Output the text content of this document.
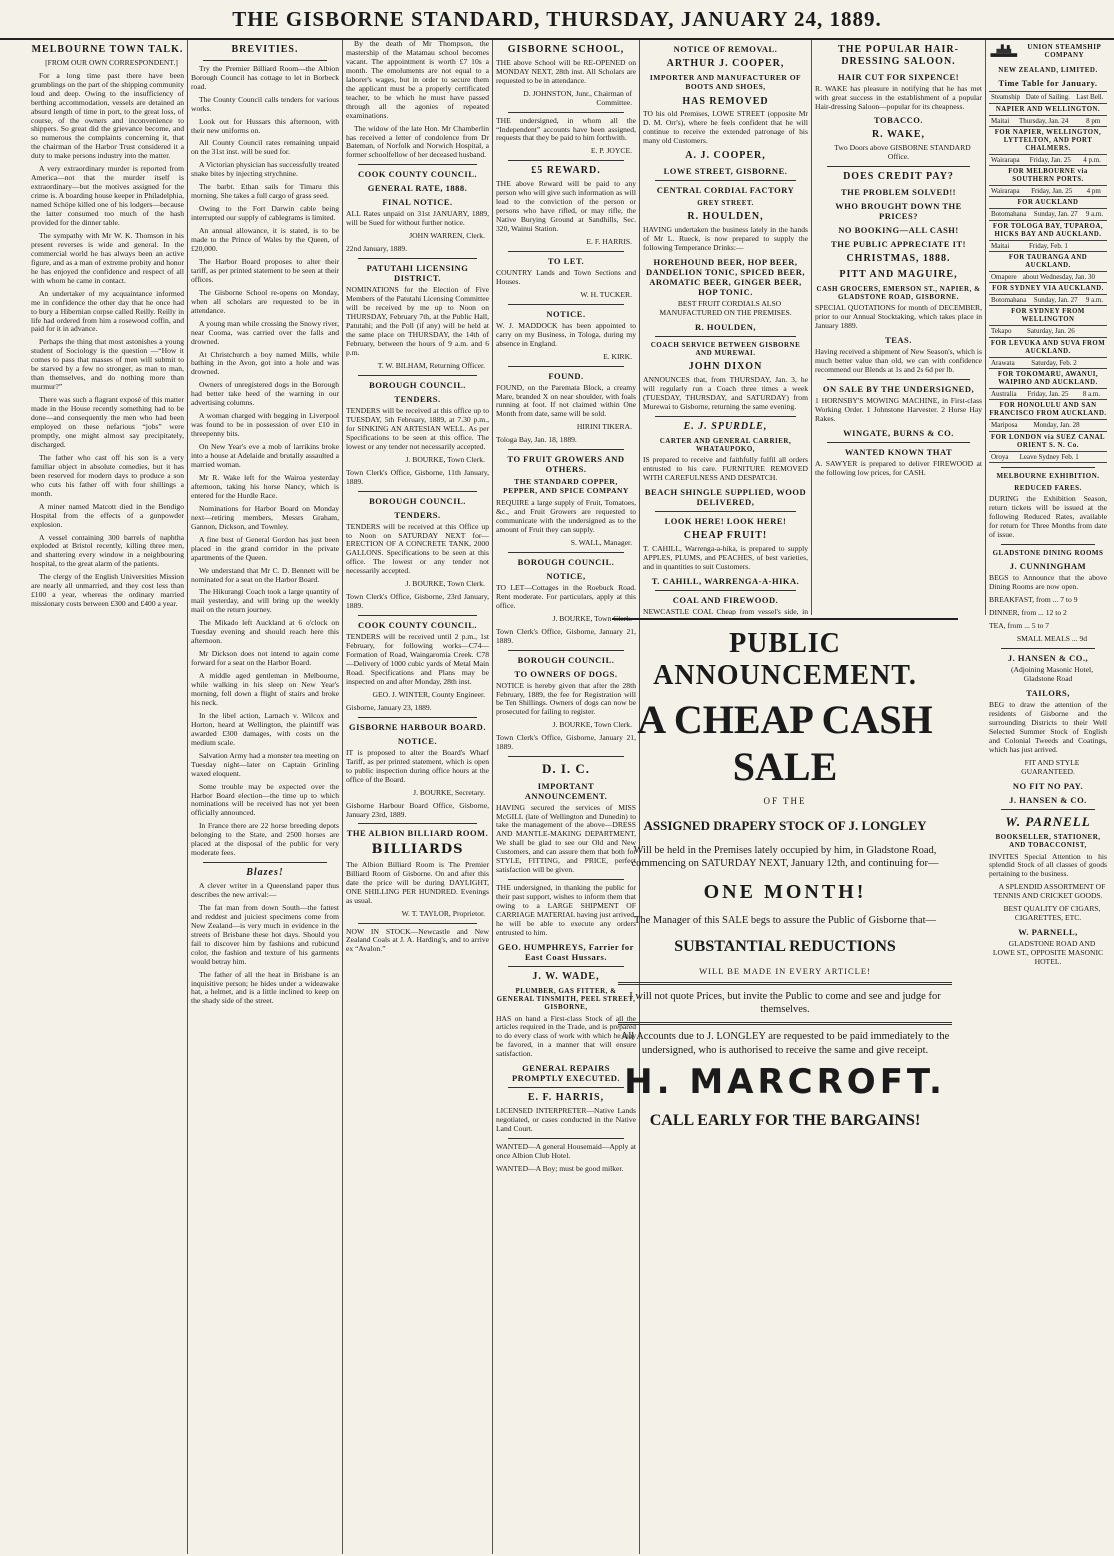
THE GISBORNE STANDARD, THURSDAY, JANUARY 24, 1889.
MELBOURNE TOWN TALK.

[FROM OUR OWN CORRESPONDENT.]

For a long time past there have been grumblings on the part of the shipping community loud and deep. Owing to the insufficiency of berthing accommodation, vessels are detained an absurd length of time in port, to the great loss, of course, of the owners and inconvenience to shippers. So great did the grievance become, and so numerous the complaints concerning it, that the chairman of the Harbor Trust considered it a duty to make persons industry into the matter.

A very extraordinary murder is reported from America—not that the murder itself is extraordinary—but the motives assigned for the crime is. A boarding house keeper in Philadelphia, named Schöpe killed one of his lodgers—because the latter consumed too much of the hash provided for the dinner table.

The sympathy with Mr W. K. Thomson in his present reverses is wide and general. In the commercial world he has always been an active figure, and as a man of extreme probity and honor he has enjoyed the confidence and respect of all with whom he came in contact.

An undertaker of my acquaintance informed me in confidence the other day that he once had to bury a Hibernian corpse called Reilly. Reilly in life had ordered from him a rosewood coffin, and paid for it in advance.

Perhaps the thing that most astonishes a young student of Sociology is the question —“How it comes to pass that masses of men will submit to be starved by a few no stronger, as man to man, than themselves, and do nothing more than murmur?”

There was such a flagrant exposé of this matter made in the House recently something had to be done—and consequently the men who had been employed on these nefarious “jobs” were promptly, one might almost say precipitately, discharged.

The father who cast off his son is a very familiar object in absolute comedies, but it has been reserved for modern days to produce a son who cuts his father off with four shillings a month.

A miner named Matcott died in the Bendigo Hospital from the effects of a gunpowder explosion.

A vessel containing 300 barrels of naphtha exploded at Bristol recently, killing three men, and shattering every window in a neighbouring hospital, to the great alarm of the patients.

The clergy of the English Universities Mission are nearly all unmarried, and they cost less than £100 a year, whereas the ordinary married missionary costs between £300 and £400 a year.

BREVITIES.

Try the Premier Billiard Room—the Albion Borough Council has cottage to let in Borbeck road.

The County Council calls tenders for various works.

Look out for Hussars this afternoon, with their new uniforms on.

All County Council rates remaining unpaid on the 31st inst. will be sued for.

A Victorian physician has successfully treated snake bites by injecting strychnine.

The barbt. Ethan sails for Timaru this morning. She takes a full cargo of grass seed.

Owing to the Fort Darwin cable being interrupted our supply of cablegrams is limited.

An annual allowance, it is stated, is to be made to the Prince of Wales by the Queen, of £20,000.

The Harbor Board proposes to alter their tariff, as per printed statement to be seen at their offices.

The Gisborne School re-opens on Monday, when all scholars are requested to be in attendance.

A young man while crossing the Snowy river, near Cooma, was carried over the falls and drowned.

At Christchurch a boy named Mills, while bathing in the Avon, got into a hole and was drowned.

Owners of unregistered dogs in the Borough had better take heed of the warning in our advertising columns.

A woman charged with begging in Liverpool was found to be in possession of over £10 in threepenny bits.

On New Year's eve a mob of larrikins broke into a house at Adelaide and brutally assaulted a married woman.

Mr R. Wake left for the Wairoa yesterday afternoon, taking his horse Nancy, which is entered for the Hurdle Race.

Nominations for Harbor Board on Monday next—retiring members, Messrs Graham, Gannon, Dickson, and Townley.

A fine bust of General Gordon has just been placed in the grand corridor in the private apartments of the Queen.

We understand that Mr C. D. Bennett will be nominated for a seat on the Harbor Board.

The Hikurangi Coach took a large quantity of mail yesterday, and will bring up the weekly mail on the return journey.

The Mikado left Auckland at 6 o'clock on Tuesday evening and should reach here this afternoon.

Mr Dickson does not intend to again come forward for a seat on the Harbor Board.

A middle aged gentleman in Melbourne, while walking in his sleep on New Year's morning, fell down a flight of stairs and broke his neck.

In the libel action, Larnach v. Wilcox and Horton, heard at Wellington, the plaintiff was awarded £300 damages, with costs on the medium scale.

Salvation Army had a monster tea meeting on Tuesday night—later on Captain Grinling waxed eloquent.

Some trouble may be expected over the Harbor Board election—the time up to which nominations will be received has not yet been officially announced.

In France there are 22 horse breeding depots belonging to the State, and 2500 horses are placed at the disposal of the public for very moderate fees.

Blazes!

A clever writer in a Queensland paper thus describes the new arrival:—

The fat man from down South—the fattest and reddest and juiciest specimens come from New Zealand—is very much in evidence in the streets of Brisbane these hot days. Should you fail to discover him by fashions and rubicund color, the fashion and texture of his garments would betray him.

The father of all the heat in Brisbane is an inquisitive person; he hides under a wideawake hat, a helmet, and is a little inclined to keep on the shady side of the street.

By the death of Mr Thompson, the mastership of the Matamau school becomes vacant. The appointment is worth £7 10s a month. The emoluments are not equal to a laborer's wages, but in order to secure them the applicant must be a properly certificated teacher, to be which he must have passed through all the agonies of repeated examinations.

The widow of the late Hon. Mr Chamberlin has received a letter of condolence from Dr Bateman, of Norfolk and Norwich Hospital, a former schoolfellow of her deceased husband.

COOK COUNTY COUNCIL.
GENERAL RATE, 1888.
FINAL NOTICE.

ALL Rates unpaid on 31st JANUARY, 1889, will be Sued for without further notice.

JOHN WARREN, Clerk.

22nd January, 1889.

PATUTAHI LICENSING DISTRICT.

NOMINATIONS for the Election of Five Members of the Patutahi Licensing Committee will be received by me up to Noon on THURSDAY, February 7th, at the Public Hall, Patutahi; and the Poll (if any) will be held at the same place on THURSDAY, the 14th of February, between the hours of 9 a.m. and 6 p.m.

T. W. BILHAM, Returning Officer.
BOROUGH COUNCIL.
TENDERS.

TENDERS will be received at this office up to TUESDAY, 5th February, 1889, at 7.30 p.m., for SINKING AN ARTESIAN WELL. As per Specifications to be seen at this office. The lowest or any tender not necessarily accepted.

J. BOURKE, Town Clerk.

Town Clerk's Office, Gisborne, 11th January, 1889.

BOROUGH COUNCIL.
TENDERS.

TENDERS will be received at this Office up to Noon on SATURDAY NEXT for—ERECTION OF A CONCRETE TANK, 2000 GALLONS. Specifications to be seen at this office. The lowest or any tender not necessarily accepted.

J. BOURKE, Town Clerk.

Town Clerk's Office, Gisborne, 23rd January, 1889.

COOK COUNTY COUNCIL.

TENDERS will be received until 2 p.m., 1st February, for following works—C74—Formation of Road, Waingaromia Creek. C78—Delivery of 1000 cubic yards of Metal Main Road. Specifications and Plans may be inspected on and after Monday, 28th inst.

GEO. J. WINTER, County Engineer.

Gisborne, January 23, 1889.

GISBORNE HARBOUR BOARD.
NOTICE.

IT is proposed to alter the Board's Wharf Tariff, as per printed statement, which is open to public inspection during office hours at the office of the Board.

J. BOURKE, Secretary.

Gisborne Harbour Board Office, Gisborne, January 23rd, 1889.

THE ALBION BILLIARD ROOM.
BILLIARDS

The Albion Billiard Room is The Premier Billiard Room of Gisborne. On and after this date the price will be during DAYLIGHT, ONE SHILLING PER HUNDRED. Evenings as usual.

W. T. TAYLOR, Proprietor.

NOW IN STOCK—Newcastle and New Zealand Coals at J. A. Harding's, and to arrive ex “Avalon.”

GISBORNE SCHOOL,

THE above School will be RE-OPENED on MONDAY NEXT, 28th inst. All Scholars are requested to be in attendance.

D. JOHNSTON, Junr., Chairman of Committee.

THE undersigned, in whom all the “Independent” accounts have been assigned, requests that they be paid to him forthwith.

E. P. JOYCE.
£5 REWARD.

THE above Reward will be paid to any person who will give such information as will lead to the conviction of the person or persons who have rifled, or may rifle, the Native Burying Ground at Sandhills, Sec. 320, Wainui Station.

E. F. HARRIS.
TO LET.

COUNTRY Lands and Town Sections and Houses.

W. H. TUCKER.
NOTICE.

W. J. MADDOCK has been appointed to carry on my Business, in Tologa, during my absence in England.

E. KIRK.
FOUND.

FOUND, on the Paremata Block, a creamy Mare, branded X on near shoulder, with foals running at foot. If not claimed within One Month from date, same will be sold.

HIRINI TIKERA.

Tologa Bay, Jan. 18, 1889.

TO FRUIT GROWERS AND OTHERS.
THE STANDARD COPPER, PEPPER, AND SPICE COMPANY

REQUIRE a large supply of Fruit, Tomatoes, &c., and Fruit Growers are requested to communicate with the undersigned as to the amount of Fruit they can supply.

S. WALL, Manager.
BOROUGH COUNCIL.
NOTICE,

TO LET—Cottages in the Roebuck Road. Rent moderate. For particulars, apply at this office.

J. BOURKE, Town Clerk.

Town Clerk's Office, Gisborne, January 21, 1889.

BOROUGH COUNCIL.
TO OWNERS OF DOGS.

NOTICE is hereby given that after the 28th February, 1889, the fee for Registration will be Ten Shillings. Owners of dogs can now be prosecuted for failing to register.

J. BOURKE, Town Clerk.

Town Clerk's Office, Gisborne, January 21, 1889.

D. I. C.
IMPORTANT ANNOUNCEMENT.

HAVING secured the services of MISS McGILL (late of Wellington and Dunedin) to take the management of the above—DRESS AND MANTLE-MAKING DEPARTMENT, We shall be glad to see our Old and New Customers, and can assure them that both for STYLE, FITTING, and PRICE, perfect satisfaction will be given.

THE undersigned, in thanking the public for their past support, wishes to inform them that owing to a LARGE SHIPMENT OF CARRIAGE MATERIAL having just arrived, he will be able to execute any orders entrusted to him.

GEO. HUMPHREYS, Farrier for East Coast Hussars.
J. W. WADE,
PLUMBER, GAS FITTER, & GENERAL TINSMITH, PEEL STREET, GISBORNE,

HAS on hand a First-class Stock of all the articles required in the Trade, and is prepared to do every class of work with which he may be favored, in a manner that will ensure satisfaction.

GENERAL REPAIRS PROMPTLY EXECUTED.
E. F. HARRIS,

LICENSED INTERPRETER—Native Lands negotiated, or cases conducted in the Native Land Court.

WANTED—A general Housemaid—Apply at once Albion Club Hotel.

WANTED—A Boy; must be good milker.

NOTICE OF REMOVAL.
ARTHUR J. COOPER,
IMPORTER AND MANUFACTURER OF BOOTS AND SHOES,
HAS REMOVED

TO his old Premises, LOWE STREET (opposite Mr D. M. Orr's), where he feels confident that he will continue to receive the extended patronage of his many old Customers.

A. J. COOPER,
LOWE STREET, GISBORNE.
CENTRAL CORDIAL FACTORY
GREY STREET.
R. HOULDEN,

HAVING undertaken the business lately in the hands of Mr L. Rueck, is now prepared to supply the following Temperance Drinks:—

HOREHOUND BEER, HOP BEER, DANDELION TONIC, SPICED BEER, AROMATIC BEER, GINGER BEER, HOP TONIC.

BEST FRUIT CORDIALS ALSO MANUFACTURED ON THE PREMISES.

R. HOULDEN,
COACH SERVICE BETWEEN GISBORNE AND MUREWAI.
JOHN DIXON

ANNOUNCES that, from THURSDAY, Jan. 3, he will regularly run a Coach three times a week (TUESDAY, THURSDAY, and SATURDAY) from Murewai to Gisborne, returning the same evening.

E. J. SPURDLE,
CARTER AND GENERAL CARRIER, WHATAUPOKO,

IS prepared to receive and faithfully fulfil all orders entrusted to his care. FURNITURE REMOVED WITH CAREFULNESS AND DESPATCH.

BEACH SHINGLE SUPPLIED, WOOD DELIVERED,
LOOK HERE! LOOK HERE!
CHEAP FRUIT!

T. CAHILL, Warrenga-a-hika, is prepared to supply APPLES, PLUMS, and PEACHES, of best varieties, and in quantities to suit Customers.

T. CAHILL, WARRENGA-A-HIKA.
COAL AND FIREWOOD.

NEWCASTLE COAL Cheap from vessel's side, in

THE POPULAR HAIR-DRESSING SALOON.
HAIR CUT FOR SIXPENCE!

R. WAKE has pleasure in notifying that he has met with great success in the establishment of a popular Hair-dressing Saloon—popular for its cheapness.

TOBACCO.
R. WAKE,

Two Doors above GISBORNE STANDARD Office.

DOES CREDIT PAY?
THE PROBLEM SOLVED!!
WHO BROUGHT DOWN THE PRICES?
NO BOOKING—ALL CASH!
THE PUBLIC APPRECIATE IT!
CHRISTMAS, 1888.
PITT AND MAGUIRE,
CASH GROCERS, EMERSON ST., NAPIER, & GLADSTONE ROAD, GISBORNE.

SPECIAL QUOTATIONS for month of DECEMBER, prior to our Annual Stocktaking, which takes place in January 1889.

TEAS.

Having received a shipment of New Season's, which is much better value than old, we can with confidence recommend our Blends at 1s and 2s 6d per lb.

ON SALE BY THE UNDERSIGNED,

1 HORNSBY'S MOWING MACHINE, in First-class Working Order. 1 Johnstone Harvester. 2 Horse Hay Rakes.

WINGATE, BURNS & CO.
WANTED KNOWN THAT

A. SAWYER is prepared to deliver FIREWOOD at the following low prices, for CASH.

UNION STEAMSHIP COMPANY
NEW ZEALAND, LIMITED.
Time Table for January.
Steamship	Date of Sailing.	Last Bell.
NAPIER AND WELLINGTON.
Maitai	Thursday, Jan. 24	8 pm
FOR NAPIER, WELLINGTON, LYTTELTON, AND PORT CHALMERS.
Wairarapa	Friday, Jan. 25	4 p.m.
FOR MELBOURNE via SOUTHERN PORTS.
Wairarapa	Friday, Jan. 25	4 pm
FOR AUCKLAND
Botomahana	Sunday, Jan. 27	9 a.m.
FOR TOLOGA BAY, TUPAROA, HICKS BAY AND AUCKLAND.
Maitai	Friday, Feb. 1	
FOR TAURANGA AND AUCKLAND.
Omapere	about Wednesday, Jan. 30	
FOR SYDNEY VIA AUCKLAND.
Botomahana	Sunday, Jan. 27	9 a.m.
FOR SYDNEY FROM WELLINGTON
Tekapo	Saturday, Jan. 26	
FOR LEVUKA AND SUVA FROM AUCKLAND.
Arawata	Saturday, Feb. 2	
FOR TOKOMARU, AWANUI, WAIPIRO AND AUCKLAND.
Australia	Friday, Jan. 25	8 a.m.
FOR HONOLULU AND SAN FRANCISCO FROM AUCKLAND.
Mariposa	Monday, Jan. 28	
FOR LONDON via SUEZ CANAL ORIENT S. N. Co.
Oroya	Leave Sydney Feb. 1	
MELBOURNE EXHIBITION.
REDUCED FARES.

DURING the Exhibition Season, return tickets will be issued at the following Reduced Rates, available for return for Three Months from date of issue.

GLADSTONE DINING ROOMS
J. CUNNINGHAM

BEGS to Announce that the above Dining Rooms are now open.

BREAKFAST, from ... 7 to 9

DINNER, from ... 12 to 2

TEA, from ... 5 to 7

SMALL MEALS ... 9d

J. HANSEN & CO.,

(Adjoining Masonic Hotel, Gladstone Road

TAILORS,

BEG to draw the attention of the residents of Gisborne and the surrounding Districts to their Well Selected Summer Stock of English and Colonial Tweeds and Coatings, which has just arrived.

FIT AND STYLE GUARANTEED.

NO FIT NO PAY.
J. HANSEN & CO.
W. PARNELL
BOOKSELLER, STATIONER, AND TOBACCONIST,

INVITES Special Attention to his splendid Stock of all classes of goods pertaining to the business.

A SPLENDID ASSORTMENT OF TENNIS AND CRICKET GOODS.

BEST QUALITY OF CIGARS, CIGARETTES, ETC.

W. PARNELL,

GLADSTONE ROAD AND LOWE ST., OPPOSITE MASONIC HOTEL.

PUBLIC ANNOUNCEMENT.
A CHEAP CASH SALE

OF THE

ASSIGNED DRAPERY STOCK OF J. LONGLEY

Will be held in the Premises lately occupied by him, in Gladstone Road, commencing on SATURDAY NEXT, January 12th, and continuing for—

ONE MONTH!

The Manager of this SALE begs to assure the Public of Gisborne that—

SUBSTANTIAL REDUCTIONS

WILL BE MADE IN EVERY ARTICLE!

I will not quote Prices, but invite the Public to come and see and judge for themselves.

All Accounts due to J. LONGLEY are requested to be paid immediately to the undersigned, who is authorised to receive the same and give receipt.

H. MARCROFT.
CALL EARLY FOR THE BARGAINS!
